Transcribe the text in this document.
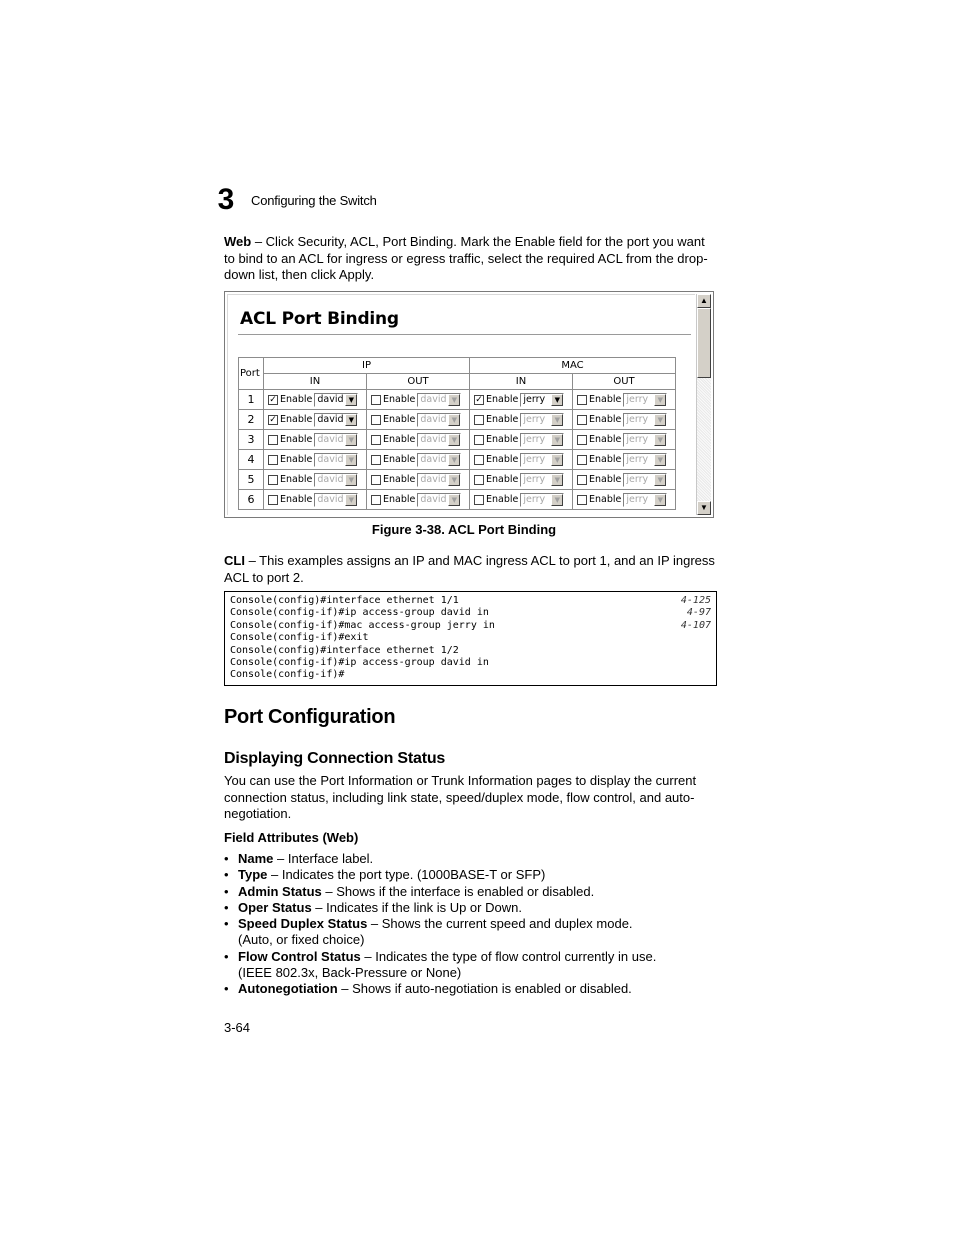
3	Configuring the Switch
Web – Click Security, ACL, Port Binding. Mark the Enable field for the port you want to bind to an ACL for ingress or egress traffic, select the required ACL from the drop-down list, then click Apply.
ACL Port Binding
Port	IP		MAC	
	IN	OUT	IN	OUT
1	✓ Enable david ▼	Enable david ▼	✓ Enable jerry ▼	Enable jerry ▼

2	✓ Enable david ▼	Enable david ▼	Enable jerry ▼	Enable jerry ▼

3	Enable david ▼	Enable david ▼	Enable jerry ▼	Enable jerry ▼

4	Enable david ▼	Enable david ▼	Enable jerry ▼	Enable jerry ▼

5	Enable david ▼	Enable david ▼	Enable jerry ▼	Enable jerry ▼

6	Enable david ▼	Enable david ▼	Enable jerry ▼	Enable jerry ▼
▲
▼
Figure 3-38. ACL Port Binding
CLI – This examples assigns an IP and MAC ingress ACL to port 1, and an IP ingress ACL to port 2.
Console(config)#interface ethernet 1/1	4-125
Console(config-if)#ip access-group david in	4-97
Console(config-if)#mac access-group jerry in	4-107
Console(config-if)#exit
Console(config)#interface ethernet 1/2
Console(config-if)#ip access-group david in
Console(config-if)#
Port Configuration
Displaying Connection Status
You can use the Port Information or Trunk Information pages to display the current connection status, including link state, speed/duplex mode, flow control, and auto-negotiation.
Field Attributes (Web)
• Name – Interface label.
• Type – Indicates the port type. (1000BASE-T or SFP)
• Admin Status – Shows if the interface is enabled or disabled.
• Oper Status – Indicates if the link is Up or Down.
• Speed Duplex Status – Shows the current speed and duplex mode.
(Auto, or fixed choice)
• Flow Control Status – Indicates the type of flow control currently in use.
(IEEE 802.3x, Back-Pressure or None)
• Autonegotiation – Shows if auto-negotiation is enabled or disabled.
3-64
